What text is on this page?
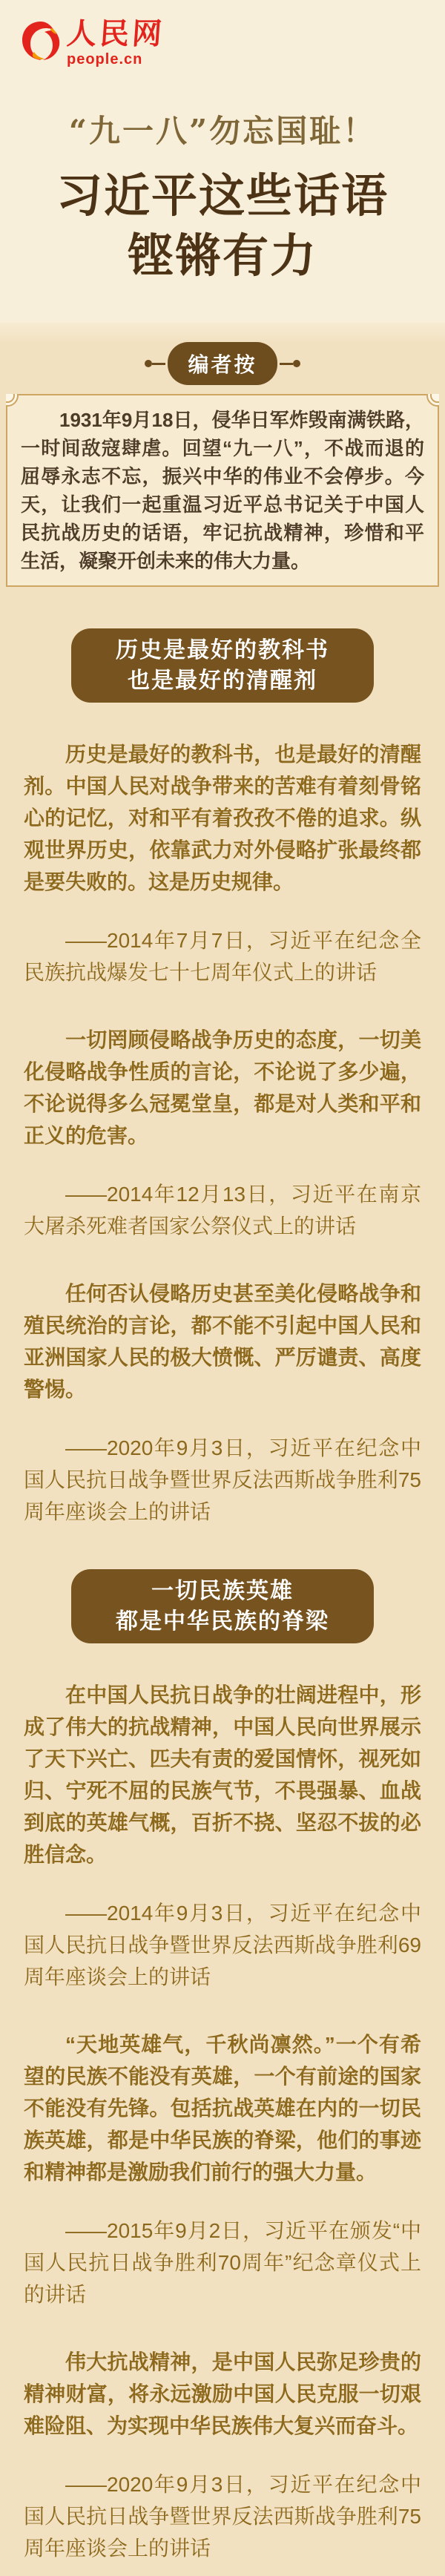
人民网
people.cn
“九一八”勿忘国耻！
习近平这些话语
铿锵有力
编者按
1931年9月18日，侵华日军炸毁南满铁路，一时间敌寇肆虐。回望“九一八”，不战而退的屈辱永志不忘，振兴中华的伟业不会停步。今天，让我们一起重温习近平总书记关于中国人民抗战历史的话语，牢记抗战精神，珍惜和平生活，凝聚开创未来的伟大力量。
历史是最好的教科书
也是最好的清醒剂

历史是最好的教科书，也是最好的清醒剂。中国人民对战争带来的苦难有着刻骨铭心的记忆，对和平有着孜孜不倦的追求。纵观世界历史，依靠武力对外侵略扩张最终都是要失败的。这是历史规律。

——2014年7月7日，习近平在纪念全民族抗战爆发七十七周年仪式上的讲话

一切罔顾侵略战争历史的态度，一切美化侵略战争性质的言论，不论说了多少遍，不论说得多么冠冕堂皇，都是对人类和平和正义的危害。

——2014年12月13日，习近平在南京大屠杀死难者国家公祭仪式上的讲话

任何否认侵略历史甚至美化侵略战争和殖民统治的言论，都不能不引起中国人民和亚洲国家人民的极大愤慨、严厉谴责、高度警惕。

——2020年9月3日，习近平在纪念中国人民抗日战争暨世界反法西斯战争胜利75周年座谈会上的讲话

一切民族英雄
都是中华民族的脊梁

在中国人民抗日战争的壮阔进程中，形成了伟大的抗战精神，中国人民向世界展示了天下兴亡、匹夫有责的爱国情怀，视死如归、宁死不屈的民族气节，不畏强暴、血战到底的英雄气概，百折不挠、坚忍不拔的必胜信念。

——2014年9月3日，习近平在纪念中国人民抗日战争暨世界反法西斯战争胜利69周年座谈会上的讲话

“天地英雄气，千秋尚凛然。”一个有希望的民族不能没有英雄，一个有前途的国家不能没有先锋。包括抗战英雄在内的一切民族英雄，都是中华民族的脊梁，他们的事迹和精神都是激励我们前行的强大力量。

——2015年9月2日，习近平在颁发“中国人民抗日战争胜利70周年”纪念章仪式上的讲话

伟大抗战精神，是中国人民弥足珍贵的精神财富，将永远激励中国人民克服一切艰难险阻、为实现中华民族伟大复兴而奋斗。

——2020年9月3日，习近平在纪念中国人民抗日战争暨世界反法西斯战争胜利75周年座谈会上的讲话
